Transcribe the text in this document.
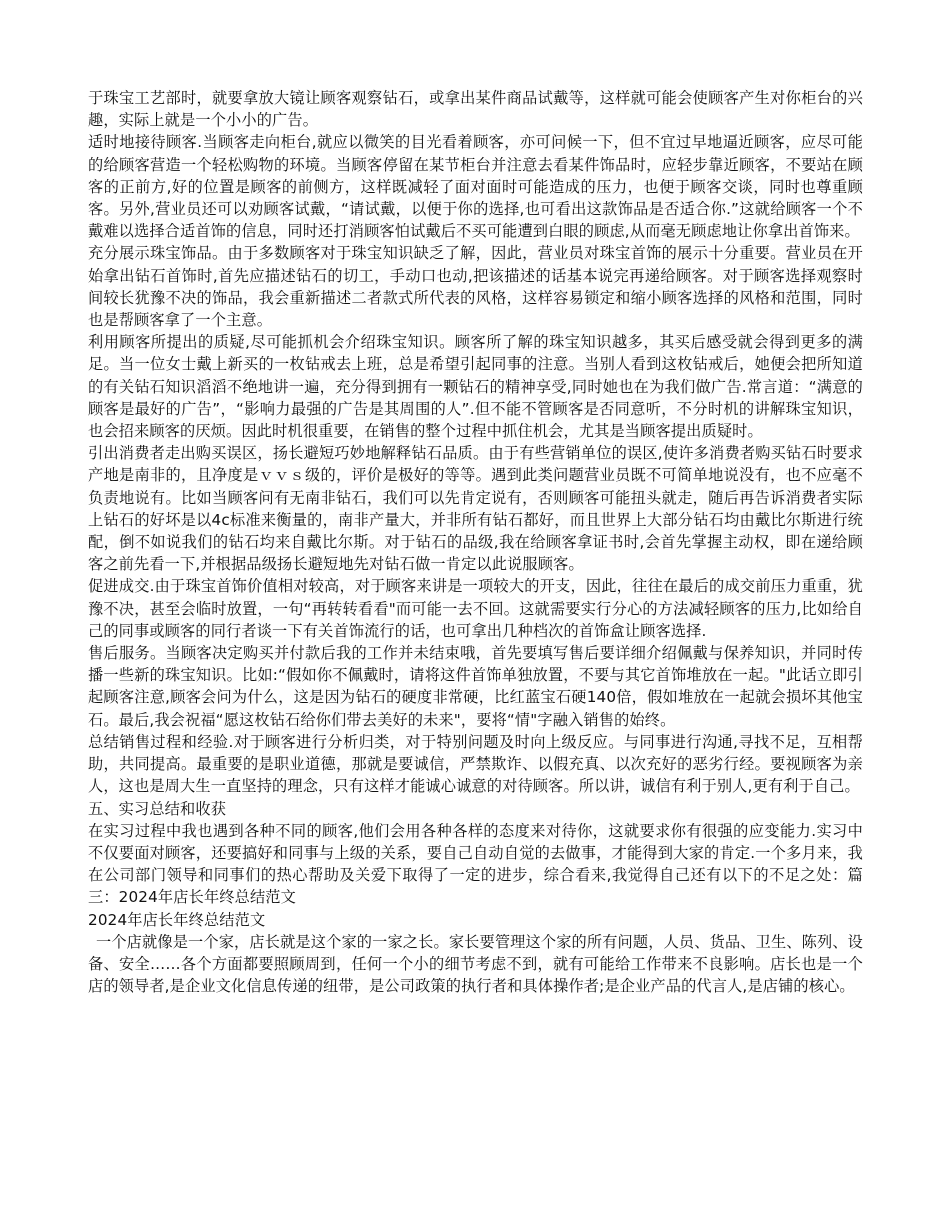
于珠宝工艺部时，就要拿放大镜让顾客观察钻石，或拿出某件商品试戴等，这样就可能会使顾客产生对你柜台的兴趣，实际上就是一个小小的广告。

适时地接待顾客.当顾客走向柜台,就应以微笑的目光看着顾客，亦可问候一下，但不宜过早地逼近顾客，应尽可能的给顾客营造一个轻松购物的环境。当顾客停留在某节柜台并注意去看某件饰品时，应轻步靠近顾客，不要站在顾客的正前方,好的位置是顾客的前侧方，这样既减轻了面对面时可能造成的压力，也便于顾客交谈，同时也尊重顾客。另外,营业员还可以劝顾客试戴，“请试戴，以便于你的选择,也可看出这款饰品是否适合你.”这就给顾客一个不戴难以选择合适首饰的信息，同时还打消顾客怕试戴后不买可能遭到白眼的顾虑,从而毫无顾虑地让你拿出首饰来。

充分展示珠宝饰品。由于多数顾客对于珠宝知识缺乏了解，因此，营业员对珠宝首饰的展示十分重要。营业员在开始拿出钻石首饰时,首先应描述钻石的切工，手动口也动,把该描述的话基本说完再递给顾客。对于顾客选择观察时间较长犹豫不决的饰品，我会重新描述二者款式所代表的风格，这样容易锁定和缩小顾客选择的风格和范围，同时也是帮顾客拿了一个主意。

利用顾客所提出的质疑,尽可能抓机会介绍珠宝知识。顾客所了解的珠宝知识越多，其买后感受就会得到更多的满足。当一位女士戴上新买的一枚钻戒去上班，总是希望引起同事的注意。当别人看到这枚钻戒后，她便会把所知道的有关钻石知识滔滔不绝地讲一遍，充分得到拥有一颗钻石的精神享受,同时她也在为我们做广告.常言道：“满意的顾客是最好的广告”，“影响力最强的广告是其周围的人”.但不能不管顾客是否同意听，不分时机的讲解珠宝知识，也会招来顾客的厌烦。因此时机很重要，在销售的整个过程中抓住机会，尤其是当顾客提出质疑时。

引出消费者走出购买误区，扬长避短巧妙地解释钻石品质。由于有些营销单位的误区,使许多消费者购买钻石时要求产地是南非的，且净度是ｖｖｓ级的，评价是极好的等等。遇到此类问题营业员既不可简单地说没有，也不应毫不负责地说有。比如当顾客问有无南非钻石，我们可以先肯定说有，否则顾客可能扭头就走，随后再告诉消费者实际上钻石的好坏是以4c标准来衡量的，南非产量大，并非所有钻石都好，而且世界上大部分钻石均由戴比尔斯进行统配，倒不如说我们的钻石均来自戴比尔斯。对于钻石的品级,我在给顾客拿证书时,会首先掌握主动权，即在递给顾客之前先看一下,并根据品级扬长避短地先对钻石做一肯定以此说服顾客。

促进成交.由于珠宝首饰价值相对较高，对于顾客来讲是一项较大的开支，因此，往往在最后的成交前压力重重，犹豫不决，甚至会临时放置，一句“再转转看看"而可能一去不回。这就需要实行分心的方法减轻顾客的压力,比如给自己的同事或顾客的同行者谈一下有关首饰流行的话，也可拿出几种档次的首饰盒让顾客选择.

售后服务。当顾客决定购买并付款后我的工作并未结束哦，首先要填写售后要详细介绍佩戴与保养知识，并同时传播一些新的珠宝知识。比如:“假如你不佩戴时，请将这件首饰单独放置，不要与其它首饰堆放在一起。"此话立即引起顾客注意,顾客会问为什么，这是因为钻石的硬度非常硬，比红蓝宝石硬140倍，假如堆放在一起就会损坏其他宝石。最后,我会祝福“愿这枚钻石给你们带去美好的未来"，要将“情"字融入销售的始终。

总结销售过程和经验.对于顾客进行分析归类，对于特别问题及时向上级反应。与同事进行沟通,寻找不足，互相帮助，共同提高。最重要的是职业道德，那就是要诚信，严禁欺诈、以假充真、以次充好的恶劣行经。要视顾客为亲人，这也是周大生一直坚持的理念，只有这样才能诚心诚意的对待顾客。所以讲，诚信有利于别人,更有利于自己。

五、实习总结和收获

在实习过程中我也遇到各种不同的顾客,他们会用各种各样的态度来对待你，这就要求你有很强的应变能力.实习中不仅要面对顾客，还要搞好和同事与上级的关系，要自己自动自觉的去做事，才能得到大家的肯定.一个多月来，我在公司部门领导和同事们的热心帮助及关爱下取得了一定的进步，综合看来,我觉得自己还有以下的不足之处：篇三：2024年店长年终总结范文

2024年店长年终总结范文

一个店就像是一个家，店长就是这个家的一家之长。家长要管理这个家的所有问题，人员、货品、卫生、陈列、设备、安全……各个方面都要照顾周到，任何一个小的细节考虑不到，就有可能给工作带来不良影响。店长也是一个店的领导者,是企业文化信息传递的纽带，是公司政策的执行者和具体操作者;是企业产品的代言人,是店铺的核心。
